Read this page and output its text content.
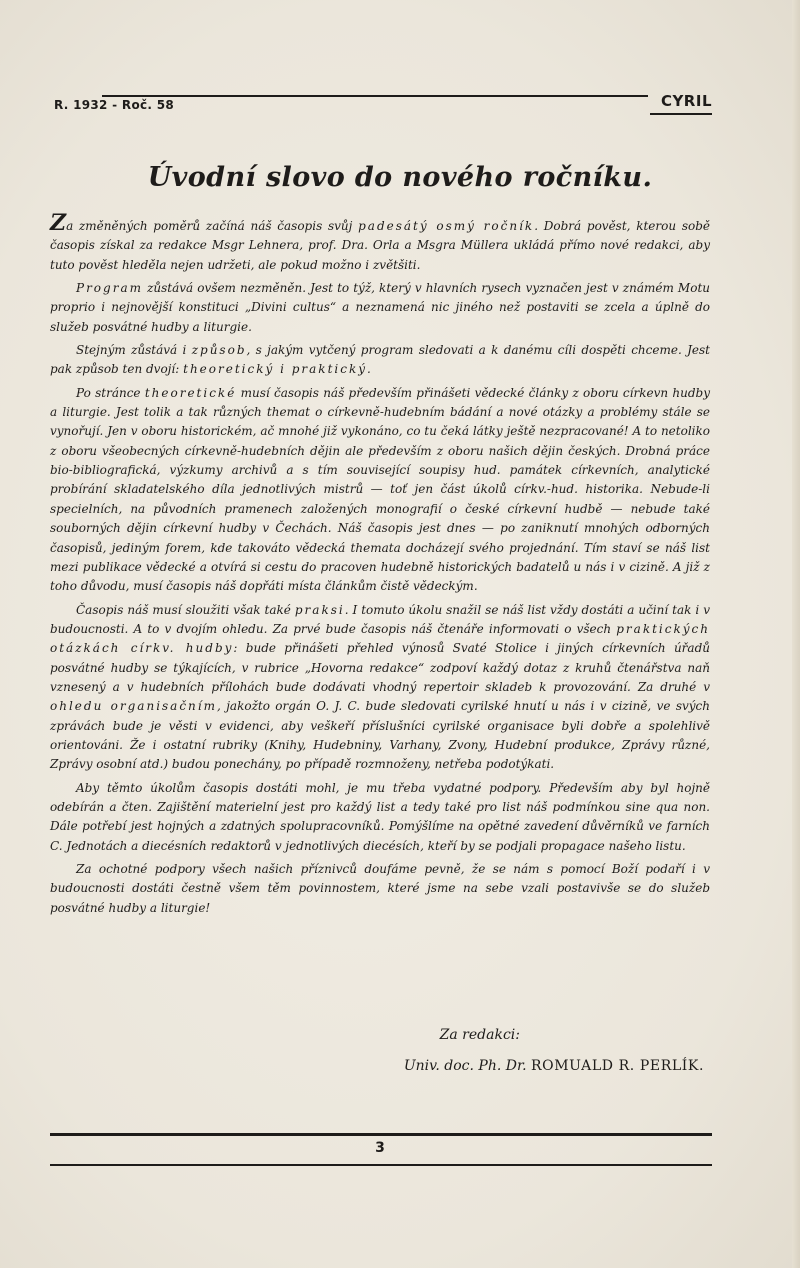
R. 1932 - Roč. 58	CYRIL
Úvodní slovo do nového ročníku.

Za změněných poměrů začíná náš časopis svůj padesátý osmý ročník. Dobrá pověst, kterou sobě časopis získal za redakce Msgr Lehnera, prof. Dra. Orla a Msgra Müllera ukládá přímo nové redakci, aby tuto pověst hleděla nejen udržeti, ale pokud možno i zvětšiti.

Program zůstává ovšem nezměněn. Jest to týž, který v hlavních rysech vyznačen jest v známém Motu proprio i nejnovější konstituci „Divini cultus“ a neznamená nic jiného než postaviti se zcela a úplně do služeb posvátné hudby a liturgie.

Stejným zůstává i způsob, s jakým vytčený program sledovati a k danému cíli dospěti chceme. Jest pak způsob ten dvojí: theoretický i praktický.

Po stránce theoretické musí časopis náš především přinášeti vědecké články z oboru církevn hudby a liturgie. Jest tolik a tak různých themat o církevně-hudebním bádání a nové otázky a problémy stále se vynořují. Jen v oboru historickém, ač mnohé již vykonáno, co tu čeká látky ještě nezpracované! A to netoliko z oboru všeobecných církevně-hudebních dějin ale především z oboru našich dějin českých. Drobná práce bio-bibliografická, výzkumy archivů a s tím související soupisy hud. památek církevních, analytické probírání skladatelského díla jednotlivých mistrů — toť jen část úkolů církv.-hud. historika. Nebude-li specielních, na původních pramenech založených monografií o české církevní hudbě — nebude také souborných dějin církevní hudby v Čechách. Náš časopis jest dnes — po zaniknutí mnohých odborných časopisů, jediným forem, kde takováto vědecká themata docházejí svého projednání. Tím staví se náš list mezi publikace vědecké a otvírá si cestu do pracoven hudebně historických badatelů u nás i v cizině. A již z toho důvodu, musí časopis náš dopřáti místa článkům čistě vědeckým.

Časopis náš musí sloužiti však také praksi. I tomuto úkolu snažil se náš list vždy dostáti a učiní tak i v budoucnosti. A to v dvojím ohledu. Za prvé bude časopis náš čtenáře informovati o všech praktických otázkách církv. hudby: bude přinášeti přehled výnosů Svaté Stolice i jiných církevních úřadů posvátné hudby se týkajících, v rubrice „Hovorna redakce“ zodpoví každý dotaz z kruhů čtenářstva naň vznesený a v hudebních přílohách bude dodávati vhodný repertoir skladeb k provozování. Za druhé v ohledu organisačním, jakožto orgán O. J. C. bude sledovati cyrilské hnutí u nás i v cizině, ve svých zprávách bude je věsti v evidenci, aby veškeří příslušníci cyrilské organisace byli dobře a spolehlivě orientováni. Že i ostatní rubriky (Knihy, Hudebniny, Varhany, Zvony, Hudební produkce, Zprávy různé, Zprávy osobní atd.) budou ponechány, po případě rozmnoženy, netřeba podotýkati.

Aby těmto úkolům časopis dostáti mohl, je mu třeba vydatné podpory. Především aby byl hojně odebírán a čten. Zajištění materielní jest pro každý list a tedy také pro list náš podmínkou sine qua non. Dále potřebí jest hojných a zdatných spolupracovníků. Pomýšlíme na opětné zavedení důvěrníků ve farních C. Jednotách a diecésních redaktorů v jednotlivých diecésích, kteří by se podjali propagace našeho listu.

Za ochotné podpory všech našich příznivců doufáme pevně, že se nám s pomocí Boží podaří i v budoucnosti dostáti čestně všem těm povinnostem, které jsme na sebe vzali postavivše se do služeb posvátné hudby a liturgie!

Za redakci:
Univ. doc. Ph. Dr. ROMUALD R. PERLÍK.
3
